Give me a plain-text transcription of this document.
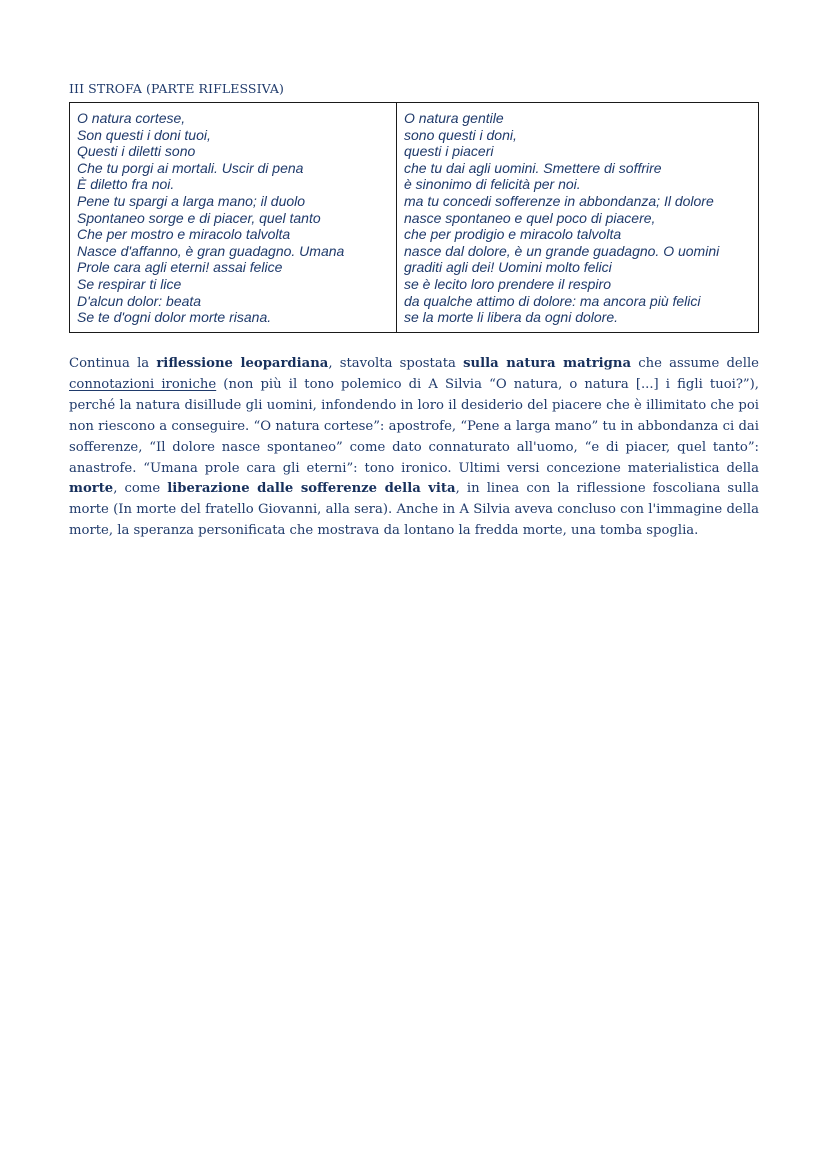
III STROFA (PARTE RIFLESSIVA)
O natura cortese,
Son questi i doni tuoi,
Questi i diletti sono
Che tu porgi ai mortali. Uscir di pena
È diletto fra noi.
Pene tu spargi a larga mano; il duolo
Spontaneo sorge e di piacer, quel tanto
Che per mostro e miracolo talvolta
Nasce d'affanno, è gran guadagno. Umana
Prole cara agli eterni! assai felice
Se respirar ti lice
D'alcun dolor: beata
Se te d'ogni dolor morte risana.
O natura gentile
sono questi i doni,
questi i piaceri
che tu dai agli uomini. Smettere di soffrire
è sinonimo di felicità per noi.
ma tu concedi sofferenze in abbondanza; Il dolore
nasce spontaneo e quel poco di piacere,
che per prodigio e miracolo talvolta
nasce dal dolore, è un grande guadagno. O uomini
graditi agli dei! Uomini molto felici
se è lecito loro prendere il respiro
da qualche attimo di dolore: ma ancora più felici
se la morte li libera da ogni dolore.

Continua la riflessione leopardiana, stavolta spostata sulla natura matrigna che assume delle connotazioni ironiche (non più il tono polemico di A Silvia “O natura, o natura [...] i figli tuoi?”), perché la natura disillude gli uomini, infondendo in loro il desiderio del piacere che è illimitato che poi non riescono a conseguire. “O natura cortese”: apostrofe, “Pene a larga mano” tu in abbondanza ci dai sofferenze, “Il dolore nasce spontaneo” come dato connaturato all'uomo, “e di piacer, quel tanto”: anastrofe. “Umana prole cara gli eterni”: tono ironico. Ultimi versi concezione materialistica della morte, come liberazione dalle sofferenze della vita, in linea con la riflessione foscoliana sulla morte (In morte del fratello Giovanni, alla sera). Anche in A Silvia aveva concluso con l'immagine della morte, la speranza personificata che mostrava da lontano la fredda morte, una tomba spoglia.
